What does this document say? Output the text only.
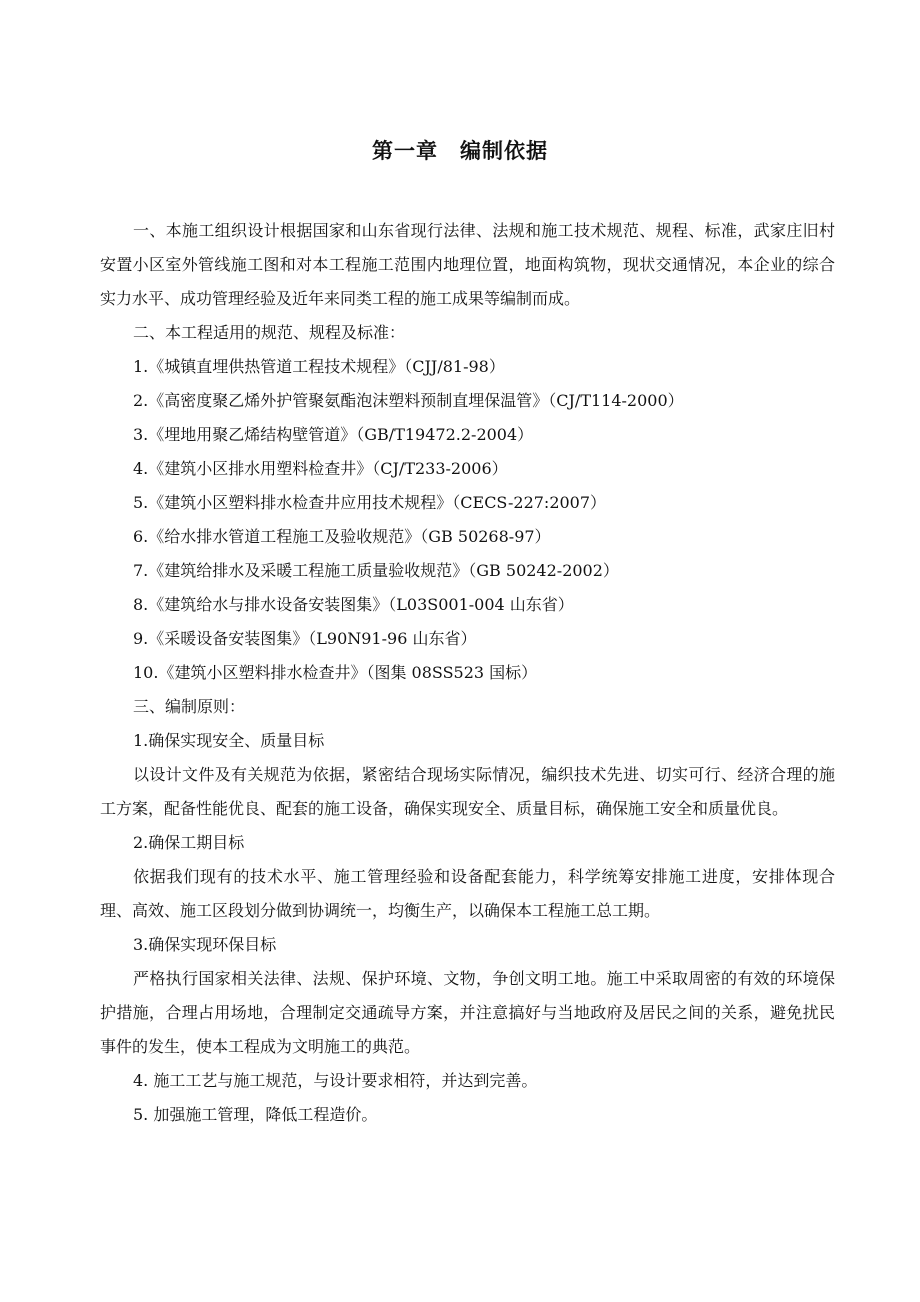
第一章 编制依据

一、本施工组织设计根据国家和山东省现行法律、法规和施工技术规范、规程、标准，武家庄旧村安置小区室外管线施工图和对本工程施工范围内地理位置，地面构筑物，现状交通情况，本企业的综合实力水平、成功管理经验及近年来同类工程的施工成果等编制而成。

二、本工程适用的规范、规程及标准：

1.《城镇直埋供热管道工程技术规程》（CJJ/81-98）

2.《高密度聚乙烯外护管聚氨酯泡沫塑料预制直埋保温管》（CJ/T114-2000）

3.《埋地用聚乙烯结构壁管道》（GB/T19472.2-2004）

4.《建筑小区排水用塑料检查井》（CJ/T233-2006）

5.《建筑小区塑料排水检查井应用技术规程》（CECS-227:2007）

6.《给水排水管道工程施工及验收规范》（GB 50268-97）

7.《建筑给排水及采暖工程施工质量验收规范》（GB 50242-2002）

8.《建筑给水与排水设备安装图集》（L03S001-004 山东省）

9.《采暖设备安装图集》（L90N91-96 山东省）

10.《建筑小区塑料排水检查井》（图集 08SS523 国标）

三、编制原则：

1.确保实现安全、质量目标

以设计文件及有关规范为依据，紧密结合现场实际情况，编织技术先进、切实可行、经济合理的施工方案，配备性能优良、配套的施工设备，确保实现安全、质量目标，确保施工安全和质量优良。

2.确保工期目标

依据我们现有的技术水平、施工管理经验和设备配套能力，科学统筹安排施工进度，安排体现合理、高效、施工区段划分做到协调统一，均衡生产，以确保本工程施工总工期。

3.确保实现环保目标

严格执行国家相关法律、法规、保护环境、文物，争创文明工地。施工中采取周密的有效的环境保护措施，合理占用场地，合理制定交通疏导方案，并注意搞好与当地政府及居民之间的关系，避免扰民事件的发生，使本工程成为文明施工的典范。

4. 施工工艺与施工规范，与设计要求相符，并达到完善。

5. 加强施工管理，降低工程造价。
